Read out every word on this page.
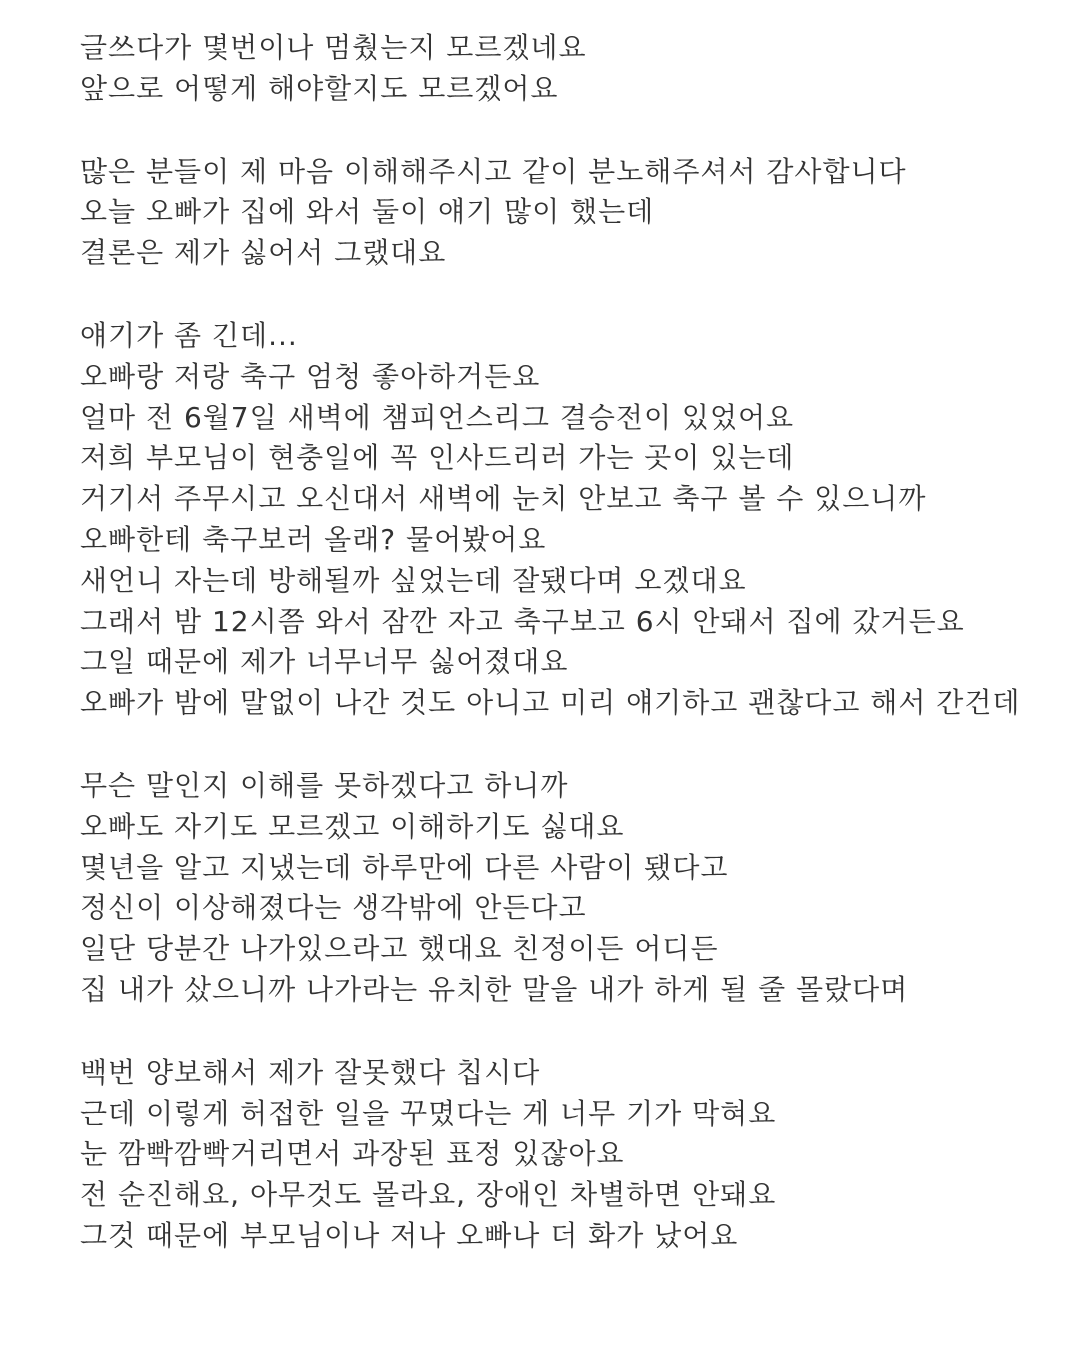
글쓰다가 몇번이나 멈췄는지 모르겠네요
앞으로 어떻게 해야할지도 모르겠어요
많은 분들이 제 마음 이해해주시고 같이 분노해주셔서 감사합니다
오늘 오빠가 집에 와서 둘이 얘기 많이 했는데
결론은 제가 싫어서 그랬대요
얘기가 좀 긴데...
오빠랑 저랑 축구 엄청 좋아하거든요
얼마 전 6월7일 새벽에 챔피언스리그 결승전이 있었어요
저희 부모님이 현충일에 꼭 인사드리러 가는 곳이 있는데
거기서 주무시고 오신대서 새벽에 눈치 안보고 축구 볼 수 있으니까
오빠한테 축구보러 올래? 물어봤어요
새언니 자는데 방해될까 싶었는데 잘됐다며 오겠대요
그래서 밤 12시쯤 와서 잠깐 자고 축구보고 6시 안돼서 집에 갔거든요
그일 때문에 제가 너무너무 싫어졌대요
오빠가 밤에 말없이 나간 것도 아니고 미리 얘기하고 괜찮다고 해서 간건데
무슨 말인지 이해를 못하겠다고 하니까
오빠도 자기도 모르겠고 이해하기도 싫대요
몇년을 알고 지냈는데 하루만에 다른 사람이 됐다고
정신이 이상해졌다는 생각밖에 안든다고
일단 당분간 나가있으라고 했대요 친정이든 어디든
집 내가 샀으니까 나가라는 유치한 말을 내가 하게 될 줄 몰랐다며
백번 양보해서 제가 잘못했다 칩시다
근데 이렇게 허접한 일을 꾸몄다는 게 너무 기가 막혀요
눈 깜빡깜빡거리면서 과장된 표정 있잖아요
전 순진해요, 아무것도 몰라요, 장애인 차별하면 안돼요
그것 때문에 부모님이나 저나 오빠나 더 화가 났어요
